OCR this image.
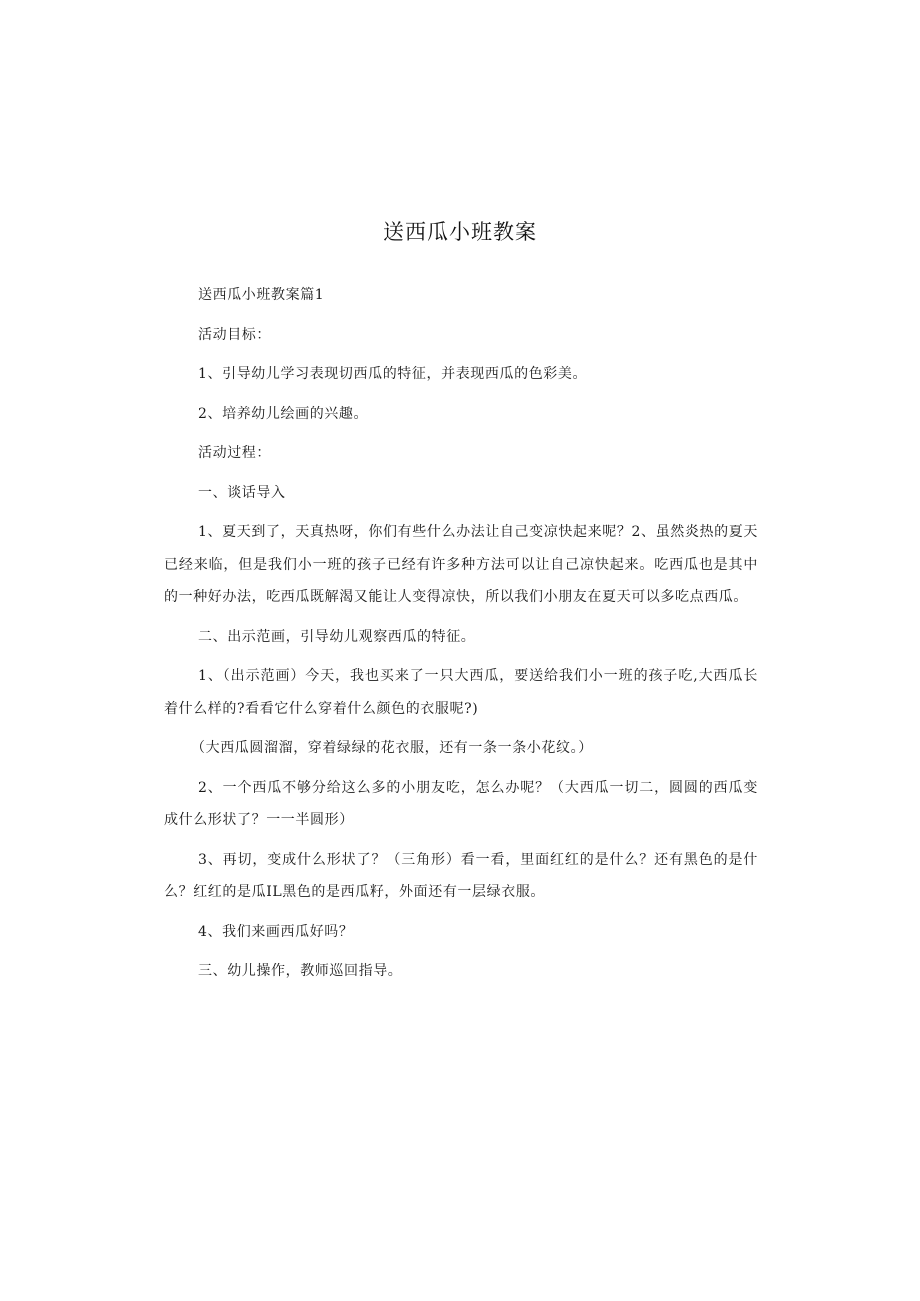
送西瓜小班教案

送西瓜小班教案篇1

活动目标：

1、引导幼儿学习表现切西瓜的特征，并表现西瓜的色彩美。

2、培养幼儿绘画的兴趣。

活动过程：

一、谈话导入

1、夏天到了，天真热呀，你们有些什么办法让自己变凉快起来呢？2、虽然炎热的夏天已经来临，但是我们小一班的孩子已经有许多种方法可以让自己凉快起来。吃西瓜也是其中的一种好办法，吃西瓜既解渴又能让人变得凉快，所以我们小朋友在夏天可以多吃点西瓜。

二、出示范画，引导幼儿观察西瓜的特征。

1、（出示范画）今天，我也买来了一只大西瓜，要送给我们小一班的孩子吃,大西瓜长着什么样的?看看它什么穿着什么颜色的衣服呢?)

（大西瓜圆溜溜，穿着绿绿的花衣服，还有一条一条小花纹。）

2、一个西瓜不够分给这么多的小朋友吃，怎么办呢？（大西瓜一切二，圆圆的西瓜变成什么形状了？一一半圆形）

3、再切，变成什么形状了？（三角形）看一看，里面红红的是什么？还有黑色的是什么？红红的是瓜IL黑色的是西瓜籽，外面还有一层绿衣服。

4、我们来画西瓜好吗？

三、幼儿操作，教师巡回指导。
